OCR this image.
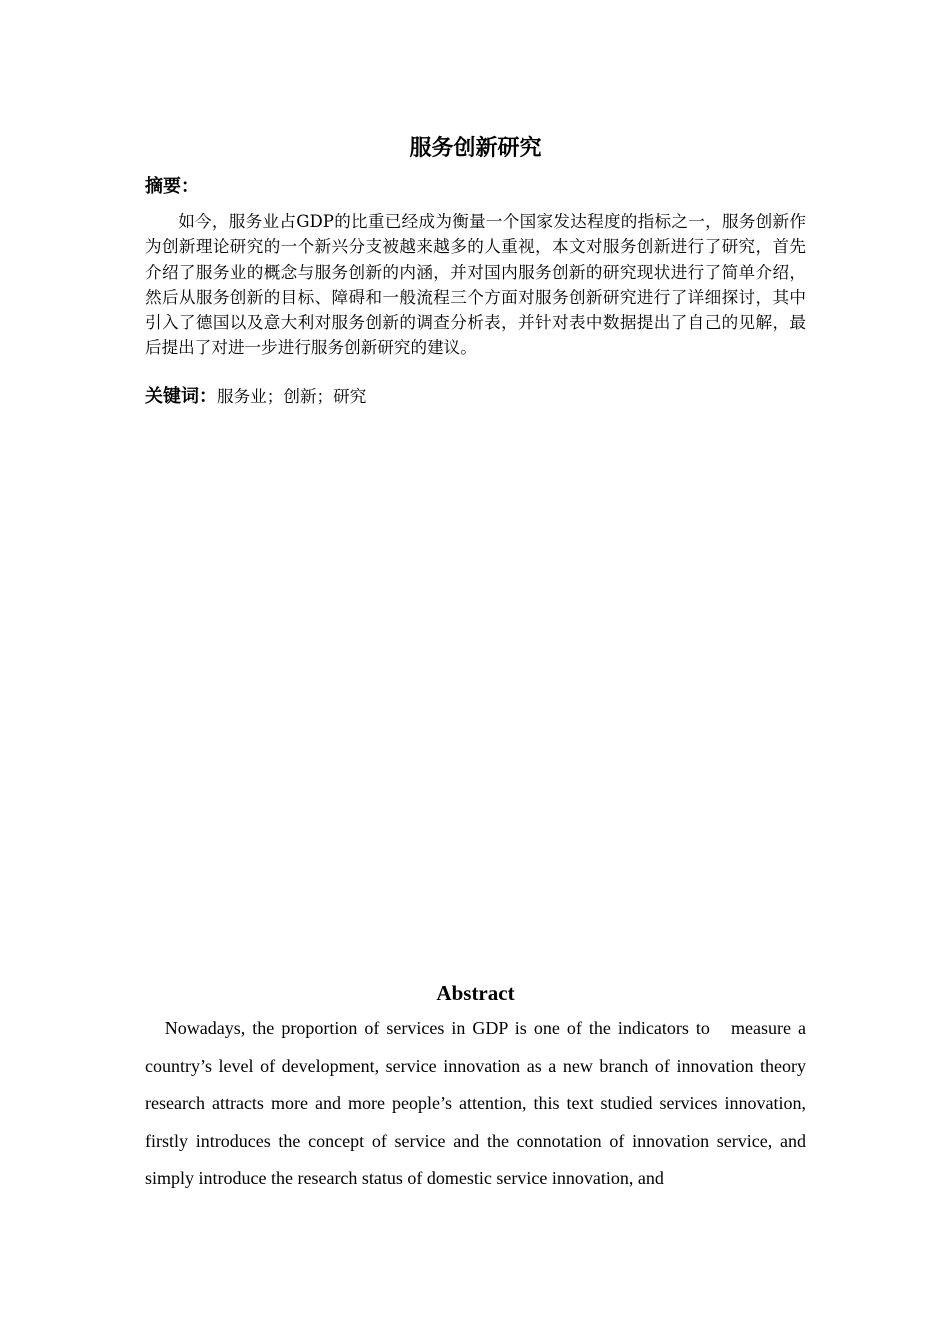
服务创新研究
摘要：

如今，服务业占GDP的比重已经成为衡量一个国家发达程度的指标之一，服务创新作为创新理论研究的一个新兴分支被越来越多的人重视，本文对服务创新进行了研究，首先介绍了服务业的概念与服务创新的内涵，并对国内服务创新的研究现状进行了简单介绍，然后从服务创新的目标、障碍和一般流程三个方面对服务创新研究进行了详细探讨，其中引入了德国以及意大利对服务创新的调查分析表，并针对表中数据提出了自己的见解，最后提出了对进一步进行服务创新研究的建议。

关键词：服务业；创新；研究

Abstract

Nowadays, the proportion of services in GDP is one of the indicators to   measure a country’s level of development, service innovation as a new branch of innovation theory research attracts more and more people’s attention, this text studied services innovation, firstly introduces the concept of service and the connotation of innovation service, and simply introduce the research status of domestic service innovation, and
